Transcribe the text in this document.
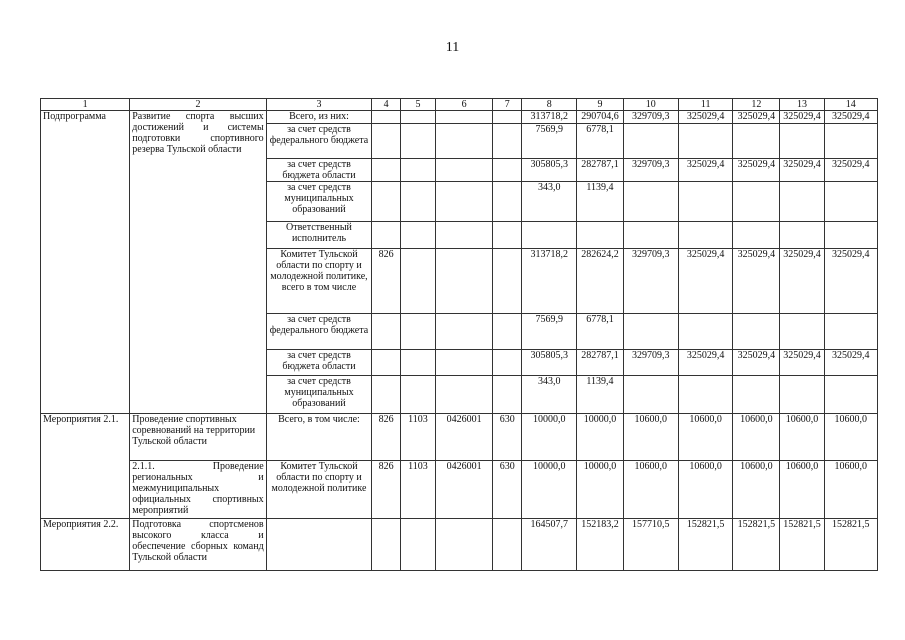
11
1	2	3	4	5	6	7	8	9	10	11	12	13	14
Подпрограмма	Развитие спорта высших достижений и системы подготовки спортивного резерва Тульской области	Всего, из них:					313718,2	290704,6	329709,3	325029,4	325029,4	325029,4	325029,4
		за счет средств федерального бюджета					7569,9	6778,1					
		за счет средств бюджета области					305805,3	282787,1	329709,3	325029,4	325029,4	325029,4	325029,4
		за счет средств муниципальных образований					343,0	1139,4					
		Ответственный исполнитель											
		Комитет Тульской области по спорту и молодежной политике, всего в том числе	826				313718,2	282624,2	329709,3	325029,4	325029,4	325029,4	325029,4
		за счет средств федерального бюджета					7569,9	6778,1					
		за счет средств бюджета области					305805,3	282787,1	329709,3	325029,4	325029,4	325029,4	325029,4
		за счет средств муниципальных образований					343,0	1139,4					
Мероприятия 2.1.	Проведение спортивных соревнований на территории Тульской области	Всего, в том числе:	826	1103	0426001	630	10000,0	10000,0	10600,0	10600,0	10600,0	10600,0	10600,0
	2.1.1. Проведение региональных и межмуниципальных официальных спортивных мероприятий	Комитет Тульской области по спорту и молодежной политике	826	1103	0426001	630	10000,0	10000,0	10600,0	10600,0	10600,0	10600,0	10600,0
Мероприятия 2.2.	Подготовка спортсменов высокого класса и обеспечение сборных команд Тульской области						164507,7	152183,2	157710,5	152821,5	152821,5	152821,5	152821,5
